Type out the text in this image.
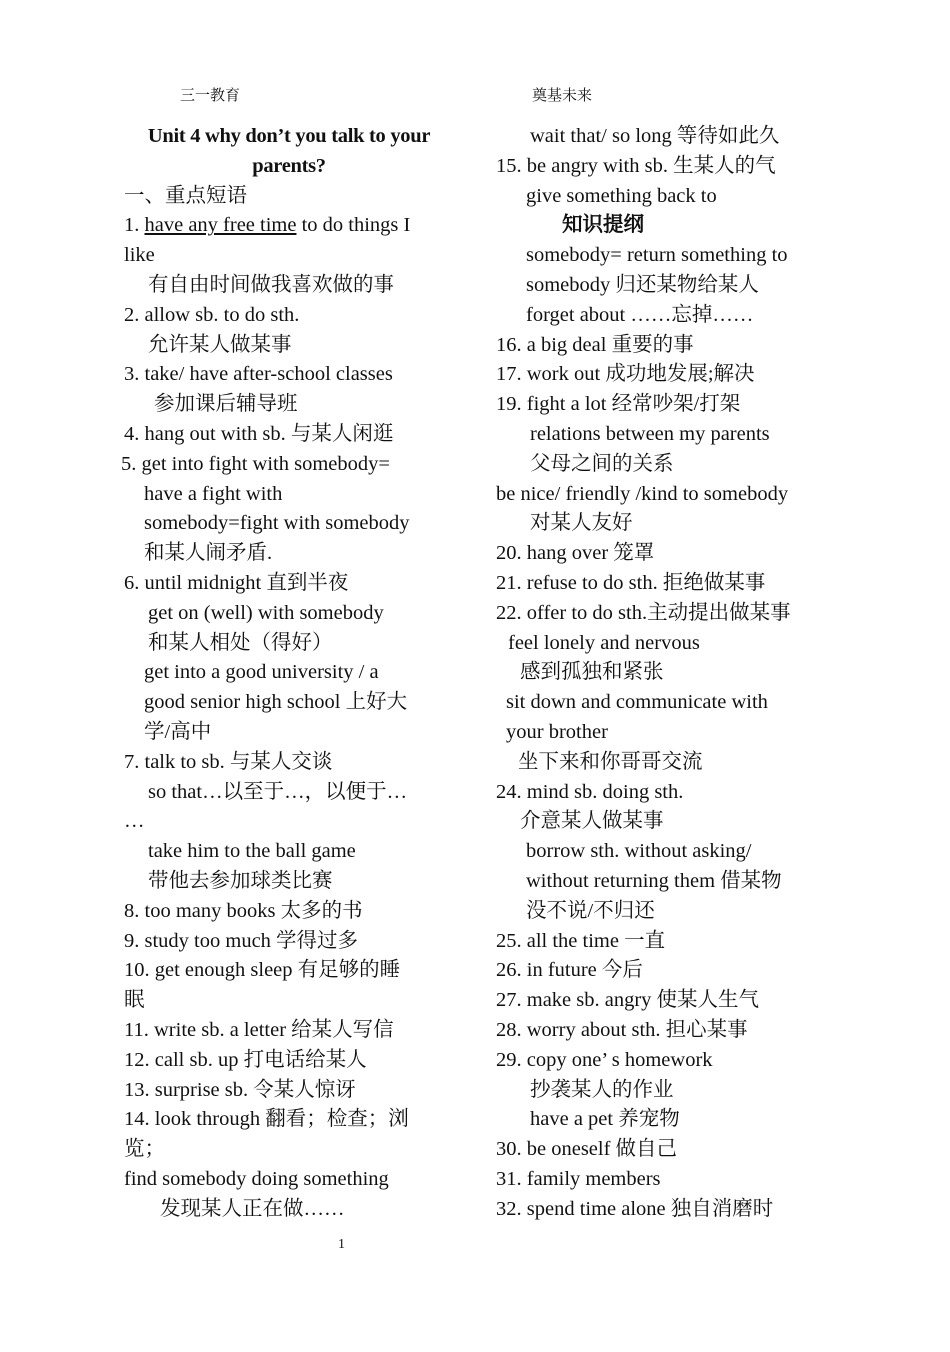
三一教育	奠基未来
Unit 4 why don’t you talk to your
parents?
一、重点短语
1. have any free time to do things I
like
有自由时间做我喜欢做的事
2. allow sb. to do sth.
允许某人做某事
3. take/ have after-school classes
参加课后辅导班
4. hang out with sb. 与某人闲逛
5. get into fight with somebody=
have a fight with
somebody=fight with somebody
和某人闹矛盾.
6. until midnight 直到半夜
get on (well) with somebody
和某人相处（得好）
get into a good university / a
good senior high school 上好大
学/高中
7. talk to sb. 与某人交谈
so that…以至于…，以便于…
…
take him to the ball game
带他去参加球类比赛
8. too many books 太多的书
9. study too much 学得过多
10. get enough sleep 有足够的睡
眠
11. write sb. a letter 给某人写信
12. call sb. up 打电话给某人
13. surprise sb. 令某人惊讶
14. look through 翻看；检查；浏
览；
find somebody doing something
发现某人正在做……
wait that/ so long 等待如此久
15. be angry with sb. 生某人的气
give something back to
知识提纲
somebody= return something to
somebody 归还某物给某人
forget about ……忘掉……
16. a big deal 重要的事
17. work out 成功地发展;解决
19. fight a lot 经常吵架/打架
relations between my parents
父母之间的关系
be nice/ friendly /kind to somebody
对某人友好
20. hang over 笼罩
21. refuse to do sth. 拒绝做某事
22. offer to do sth.主动提出做某事
feel lonely and nervous
感到孤独和紧张
sit down and communicate with
your brother
坐下来和你哥哥交流
24. mind sb. doing sth.
介意某人做某事
borrow sth. without asking/
without returning them 借某物
没不说/不归还
25. all the time 一直
26. in future 今后
27. make sb. angry 使某人生气
28. worry about sth. 担心某事
29. copy one’ s homework
抄袭某人的作业
have a pet 养宠物
30. be oneself 做自己
31. family members
32. spend time alone 独自消磨时
1
